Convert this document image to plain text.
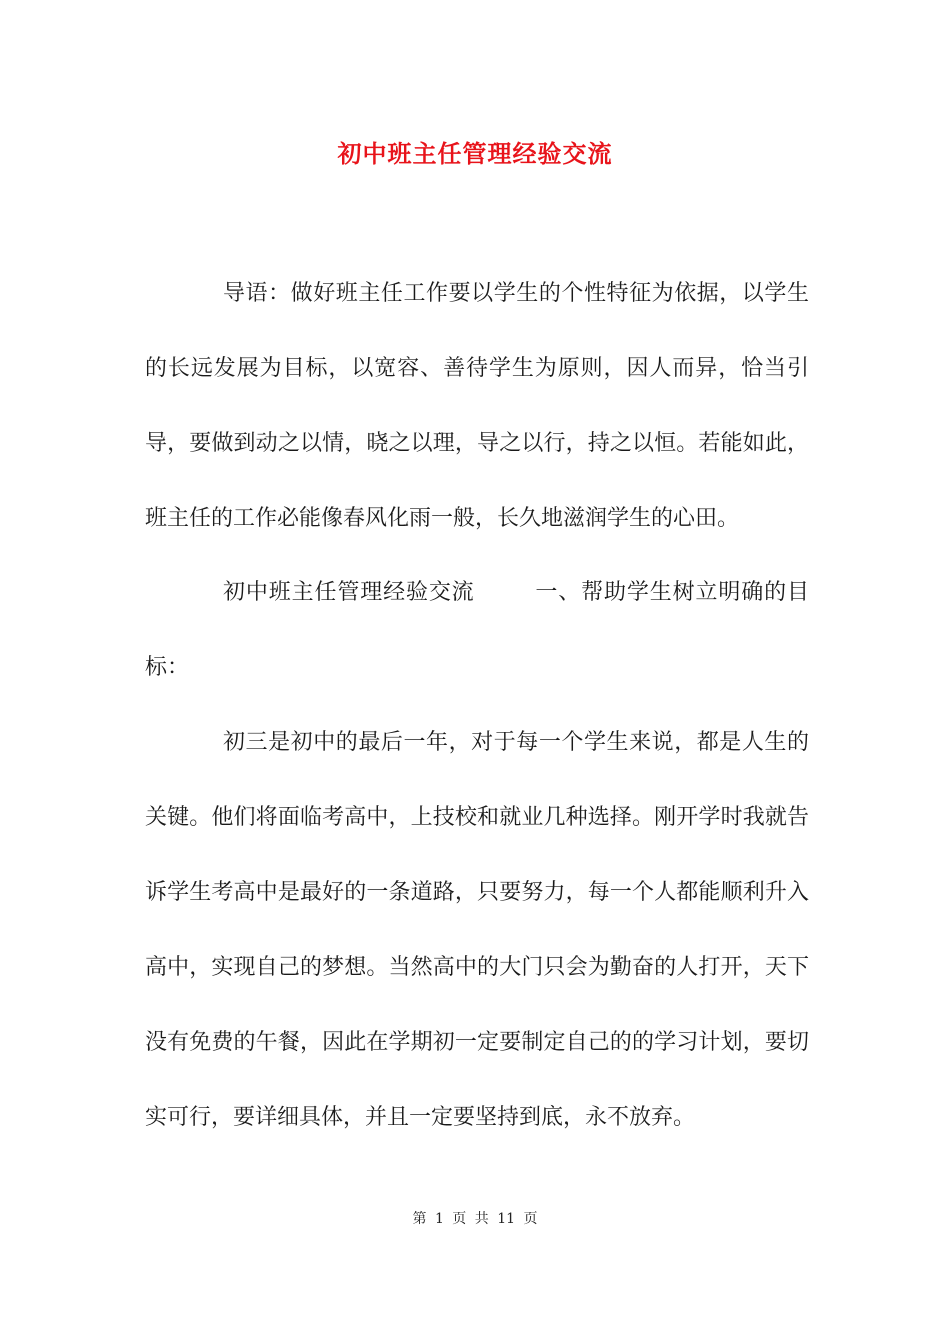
初中班主任管理经验交流

导语：做好班主任工作要以学生的个性特征为依据，以学生的长远发展为目标，以宽容、善待学生为原则，因人而异，恰当引导，要做到动之以情，晓之以理，导之以行，持之以恒。若能如此，班主任的工作必能像春风化雨一般，长久地滋润学生的心田。

初中班主任管理经验交流	一、帮助学生树立明确的目标：

初三是初中的最后一年，对于每一个学生来说，都是人生的关键。他们将面临考高中，上技校和就业几种选择。刚开学时我就告诉学生考高中是最好的一条道路，只要努力，每一个人都能顺利升入高中，实现自己的梦想。当然高中的大门只会为勤奋的人打开，天下没有免费的午餐，因此在学期初一定要制定自己的的学习计划，要切实可行，要详细具体，并且一定要坚持到底，永不放弃。

第 1 页 共 11 页
